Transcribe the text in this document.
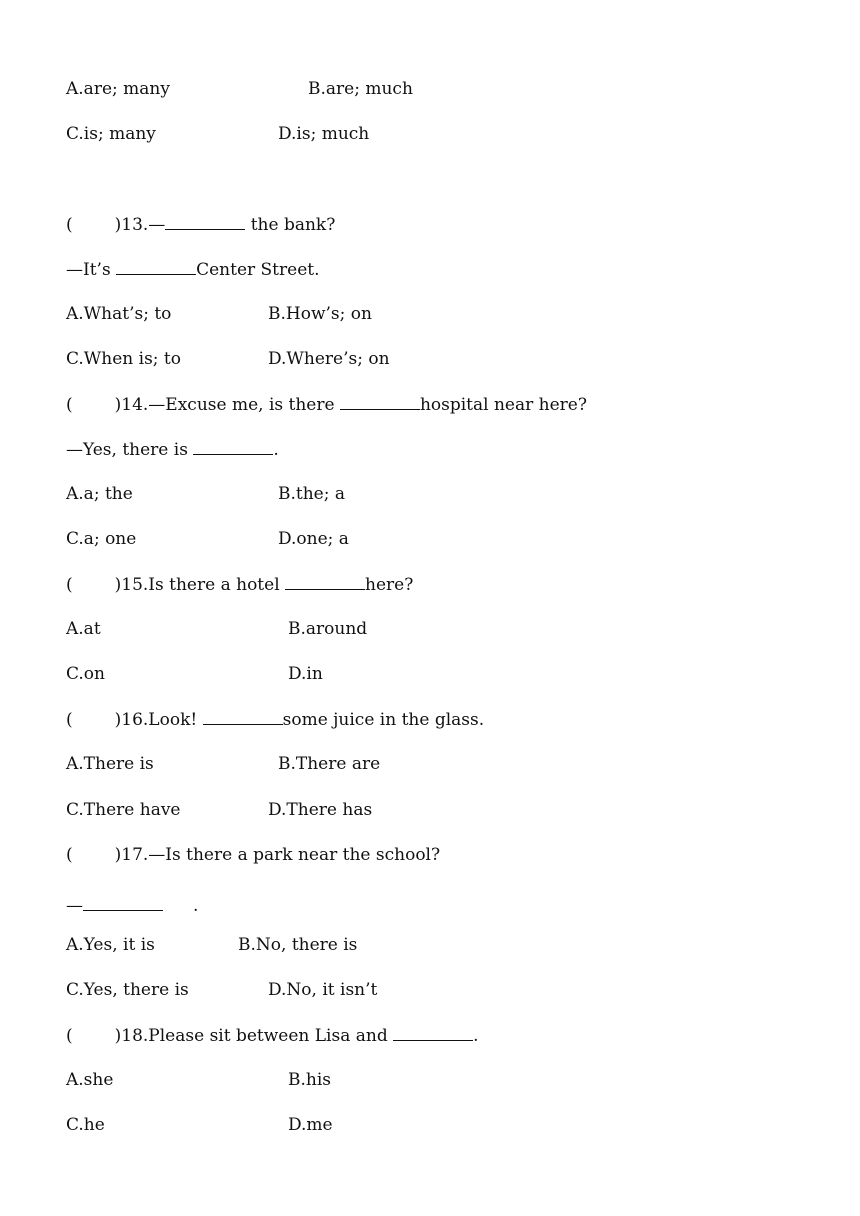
A.are; many	B.are; much
C.is; many	D.is; much
( )13.—	the bank?
—It’s	Center Street.
A.What’s; to	B.How’s; on
C.When is; to	D.Where’s; on
( )14.—Excuse me, is there	hospital near here?
—Yes, there is	.
A.a; the	B.the; a
C.a; one	D.one; a
( )15.Is there a hotel	here?
A.at	B.around
C.on	D.in
( )16.Look!	some juice in the glass.
A.There is	B.There are
C.There have	D.There has
( )17.—Is there a park near the school?
—	.
A.Yes, it is	B.No, there is
C.Yes, there is	D.No, it isn’t
( )18.Please sit between Lisa and	.
A.she	B.his
C.he	D.me
